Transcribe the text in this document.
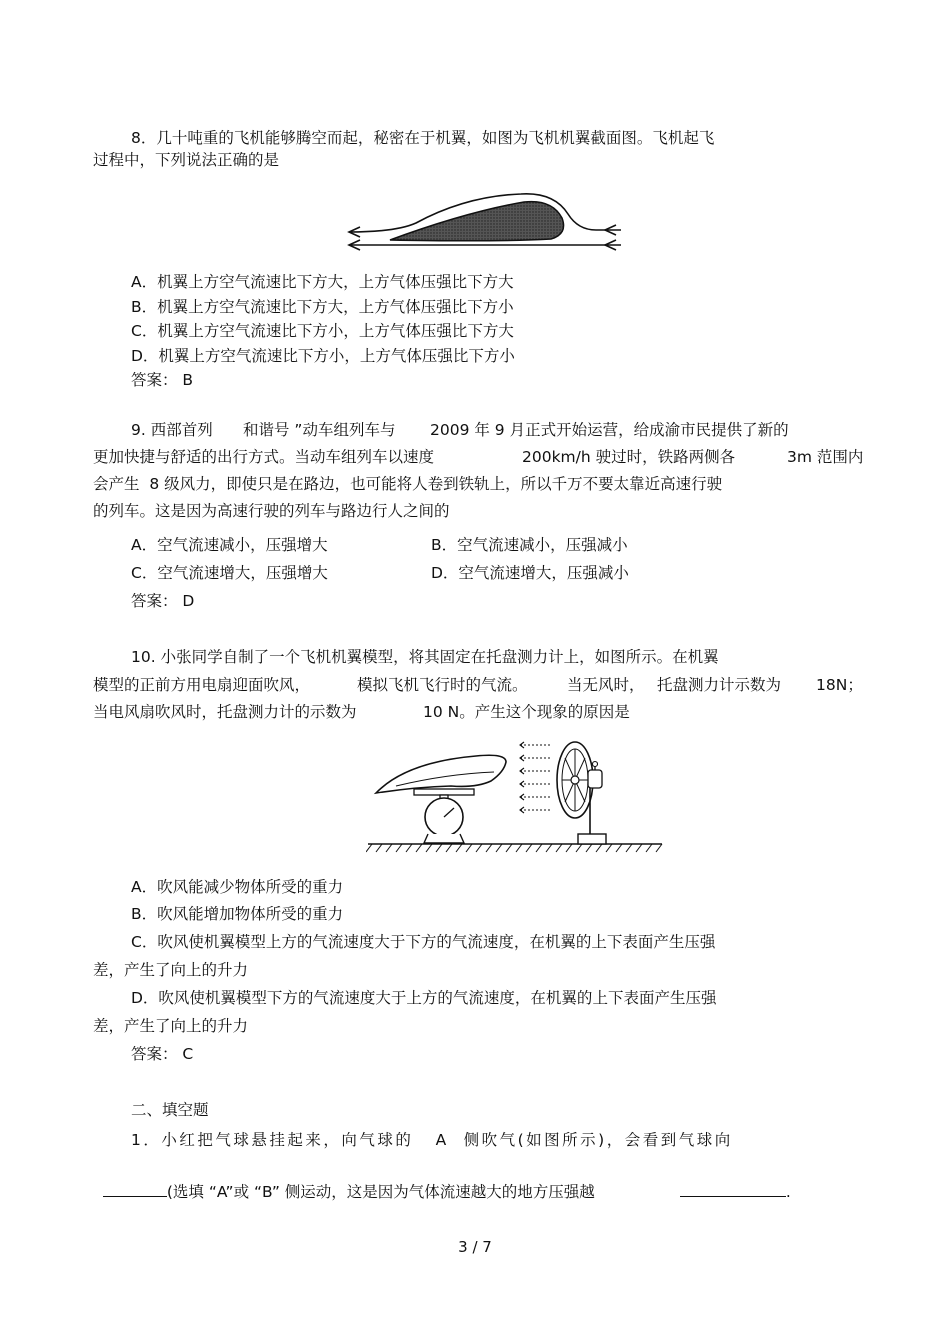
8．几十吨重的飞机能够腾空而起，秘密在于机翼，如图为飞机机翼截面图。飞机起飞
过程中，下列说法正确的是
A．机翼上方空气流速比下方大，上方气体压强比下方大
B．机翼上方空气流速比下方大，上方气体压强比下方小
C．机翼上方空气流速比下方小，上方气体压强比下方大
D．机翼上方空气流速比下方小，上方气体压强比下方小
答案： B
9. 西部首列 和谐号 ”动车组列车与 2009 年 9 月正式开始运营，给成渝市民提供了新的
更加快捷与舒适的出行方式。当动车组列车以速度	200km/h 驶过时，铁路两侧各	3m 范围内
会产生  8 级风力，即使只是在路边，也可能将人卷到铁轨上，所以千万不要太靠近高速行驶
的列车。这是因为高速行驶的列车与路边行人之间的
A．空气流速减小，压强增大	B．空气流速减小，压强减小
C．空气流速增大，压强增大	D．空气流速增大，压强减小
答案： D
10. 小张同学自制了一个飞机机翼模型，将其固定在托盘测力计上，如图所示。在机翼
模型的正前方用电扇迎面吹风，	模拟飞机飞行时的气流。	当无风时， 托盘测力计示数为 18N；
当电风扇吹风时，托盘测力计的示数为	10 N。产生这个现象的原因是
A．吹风能减少物体所受的重力
B．吹风能增加物体所受的重力
C．吹风使机翼模型上方的气流速度大于下方的气流速度，在机翼的上下表面产生压强
差，产生了向上的升力
D．吹风使机翼模型下方的气流速度大于上方的气流速度，在机翼的上下表面产生压强
差，产生了向上的升力
答案： C
二、填空题
1．小红把气球悬挂起来，向气球的   A  侧吹气(如图所示)，会看到气球向

(选填 “A”或 “B” 侧运动，这是因为气体流速越大的地方压强越	.

3 / 7
